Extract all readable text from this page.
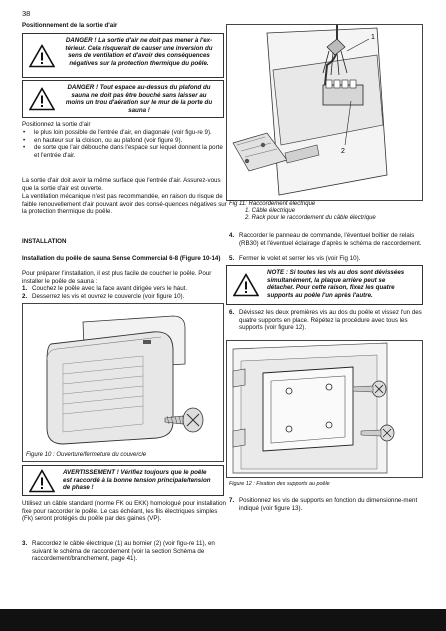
38
Positionnement de la sortie d'air
DANGER ! La sortie d'air ne doit pas mener à l'ex-térieur. Cela risquerait de causer une inversion du sens de ventilation et d'avoir des conséquences négatives sur la protection thermique du poêle.
DANGER ! Tout espace au-dessus du plafond du sauna ne doit pas être bouché sans laisser au moins un trou d'aération sur le mur de la porte du sauna !
Positionnez la sortie d'air
• le plus loin possible de l'entrée d'air, en diagonale (voir figu-re 9).
• en hauteur sur la cloison, ou au plafond (voir figure 9).
• de sorte que l'air débouche dans l'espace sur lequel donnent la porte et l'entrée d'air.
La sortie d'air doit avoir la même surface que l'entrée d'air. Assurez-vous que la sortie d'air est ouverte.
La ventilation mécanique n'est pas recommandée, en raison du risque de faible renouvellement d'air pouvant avoir des consé-quences négatives sur la protection thermique du poêle.
INSTALLATION
Installation du poêle de sauna Sense Commercial 6-8 (Figure 10-14)
Pour préparer l'installation, il est plus facile de coucher le poêle. Pour installer le poêle de sauna :
1. Couchez le poêle avec la face avant dirigée vers le haut.
2. Desserrez les vis et ouvrez le couvercle (voir figure 10).
Figure 10 : Ouverture/fermeture du couvercle
AVERTISSEMENT ! Vérifiez toujours que le poêle est raccordé à la bonne tension principale/tension de phase !
Utilisez un câble standard (norme FK ou EKK) homologué pour installation fixe pour raccorder le poêle. Le cas échéant, les fils électriques simples (Fk) seront protégés du poêle par des gaines (VP).
3. Raccordez le câble électrique (1) au bornier (2) (voir figu-re 11), en suivant le schéma de raccordement (voir la section Schéma de raccordement/branchement, page 41).
1
2
Fig 11: Raccordement électrique
1. Câble électrique
2. Rack pour le raccordement du câble électrique
4. Raccorder le panneau de commande, l'éventuel boîtier de relais (RB30) et l'éventuel éclairage d'après le schéma de raccordement.
5. Fermer le volet et serrer les vis (voir Fig 10).
NOTE : Si toutes les vis au dos sont dévissées simultanément, la plaque arrière peut se détacher. Pour cette raison, fixez les quatre supports au poêle l'un après l'autre.
6. Dévissez les deux premières vis au dos du poêle et vissez l'un des quatre supports en place. Répétez la procédure avec tous les supports (voir figure 12).
Figure 12 : Fixation des supports au poêle
7. Positionnez les vis de supports en fonction du dimensionne-ment indiqué (voir figure 13).
